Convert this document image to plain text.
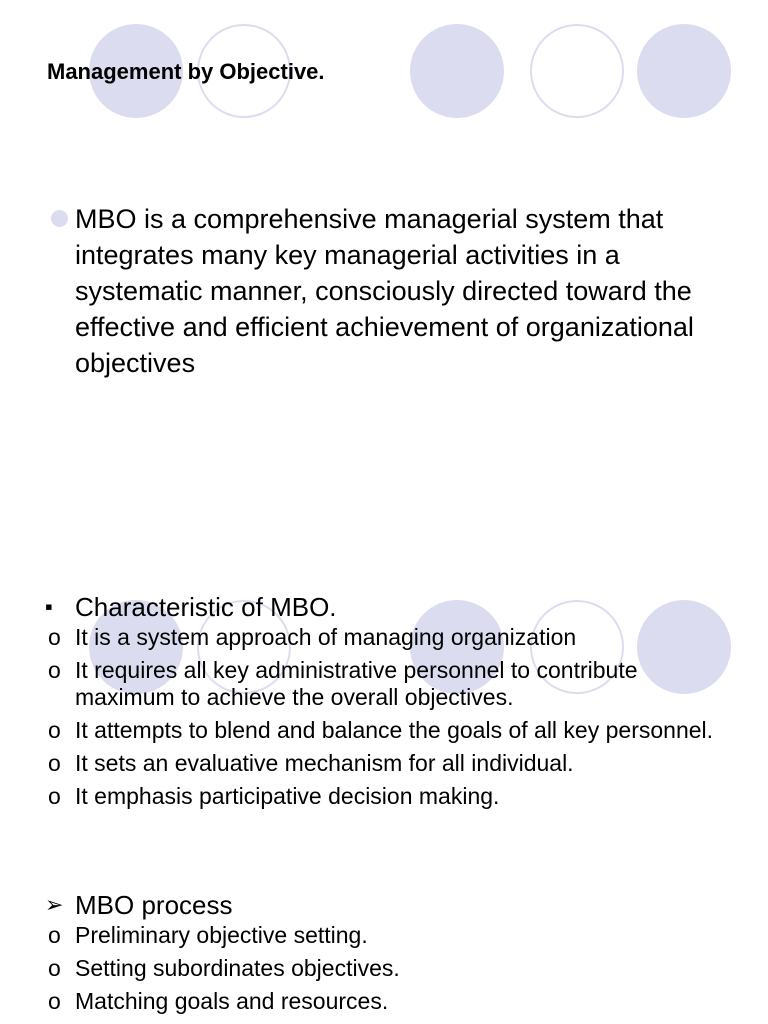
Management by Objective.
MBO is a comprehensive managerial system that integrates many key managerial activities in a systematic manner, consciously directed toward the effective and efficient achievement of organizational objectives
▪ Characteristic of MBO.
o It is a system approach of managing organization
o It requires all key administrative personnel to contribute maximum to achieve the overall objectives.
o It attempts to blend and balance the goals of all key personnel.
o It sets an evaluative mechanism for all individual.
o It emphasis participative decision making.
➢ MBO process
o Preliminary objective setting.
o Setting subordinates objectives.
o Matching goals and resources.
